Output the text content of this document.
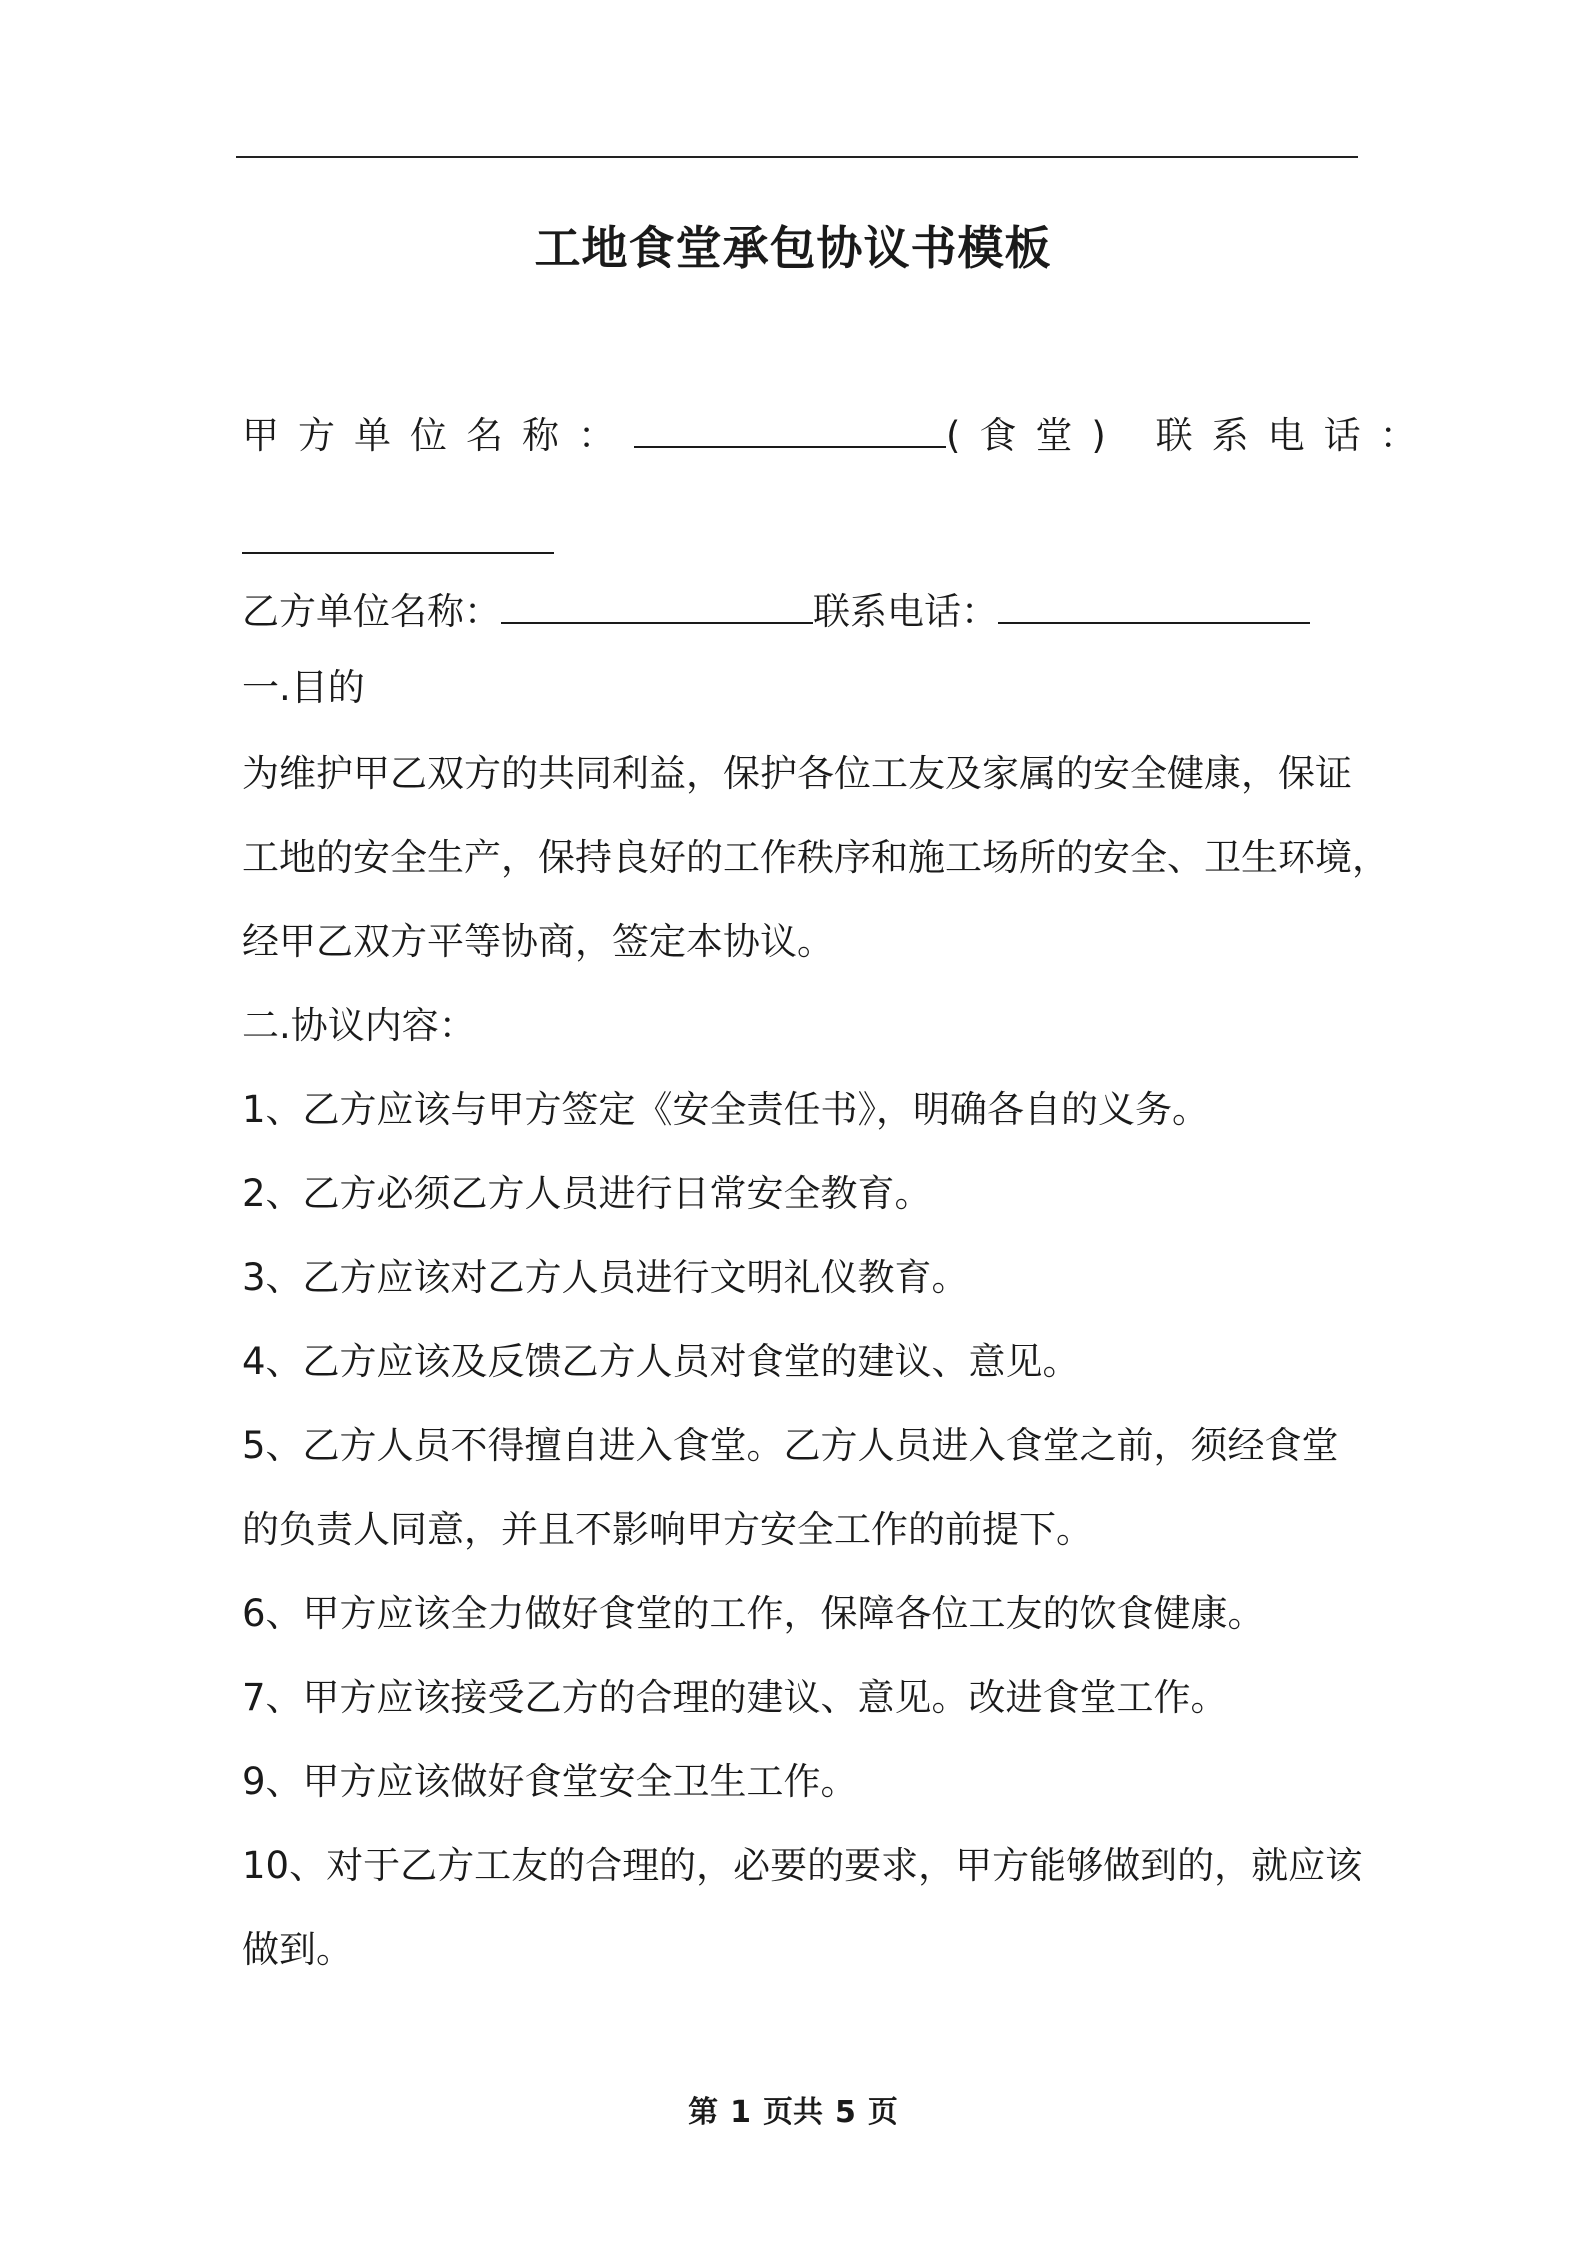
工地食堂承包协议书模板
甲方单位名称：	(食堂) 联系电话：
乙方单位名称：	联系电话：
一.目的
为维护甲乙双方的共同利益，保护各位工友及家属的安全健康，保证
工地的安全生产，保持良好的工作秩序和施工场所的安全、卫生环境，
经甲乙双方平等协商，签定本协议。
二.协议内容：
1、乙方应该与甲方签定《安全责任书》，明确各自的义务。
2、乙方必须乙方人员进行日常安全教育。
3、乙方应该对乙方人员进行文明礼仪教育。
4、乙方应该及反馈乙方人员对食堂的建议、意见。
5、乙方人员不得擅自进入食堂。乙方人员进入食堂之前，须经食堂
的负责人同意，并且不影响甲方安全工作的前提下。
6、甲方应该全力做好食堂的工作，保障各位工友的饮食健康。
7、甲方应该接受乙方的合理的建议、意见。改进食堂工作。
9、甲方应该做好食堂安全卫生工作。
10、对于乙方工友的合理的，必要的要求，甲方能够做到的，就应该
做到。
第 1 页共 5 页
